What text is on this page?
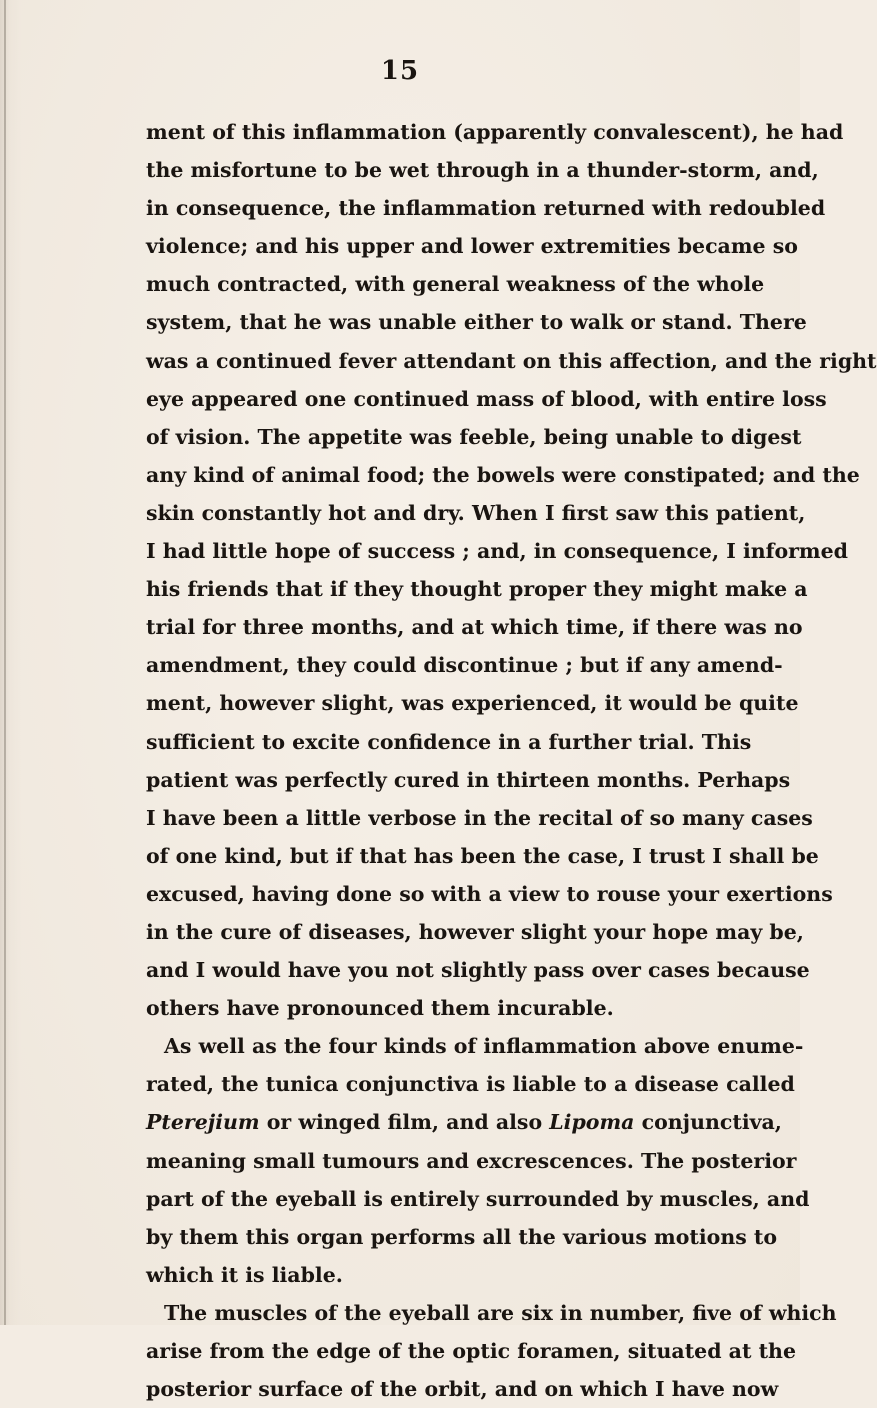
15
ment of this inflammation (apparently convalescent), he had
the misfortune to be wet through in a thunder-storm, and,
in consequence, the inflammation returned with redoubled
violence; and his upper and lower extremities became so
much contracted, with general weakness of the whole
system, that he was unable either to walk or stand. There
was a continued fever attendant on this affection, and the right
eye appeared one continued mass of blood, with entire loss
of vision. The appetite was feeble, being unable to digest
any kind of animal food; the bowels were constipated; and the
skin constantly hot and dry. When I first saw this patient,
I had little hope of success ; and, in consequence, I informed
his friends that if they thought proper they might make a
trial for three months, and at which time, if there was no
amendment, they could discontinue ; but if any amend-
ment, however slight, was experienced, it would be quite
sufficient to excite confidence in a further trial. This
patient was perfectly cured in thirteen months. Perhaps
I have been a little verbose in the recital of so many cases
of one kind, but if that has been the case, I trust I shall be
excused, having done so with a view to rouse your exertions
in the cure of diseases, however slight your hope may be,
and I would have you not slightly pass over cases because
others have pronounced them incurable.
As well as the four kinds of inflammation above enume-
rated, the tunica conjunctiva is liable to a disease called
Pterejium or winged film, and also Lipoma conjunctiva,
meaning small tumours and excrescences. The posterior
part of the eyeball is entirely surrounded by muscles, and
by them this organ performs all the various motions to
which it is liable.
The muscles of the eyeball are six in number, five of which
arise from the edge of the optic foramen, situated at the
posterior surface of the orbit, and on which I have now
